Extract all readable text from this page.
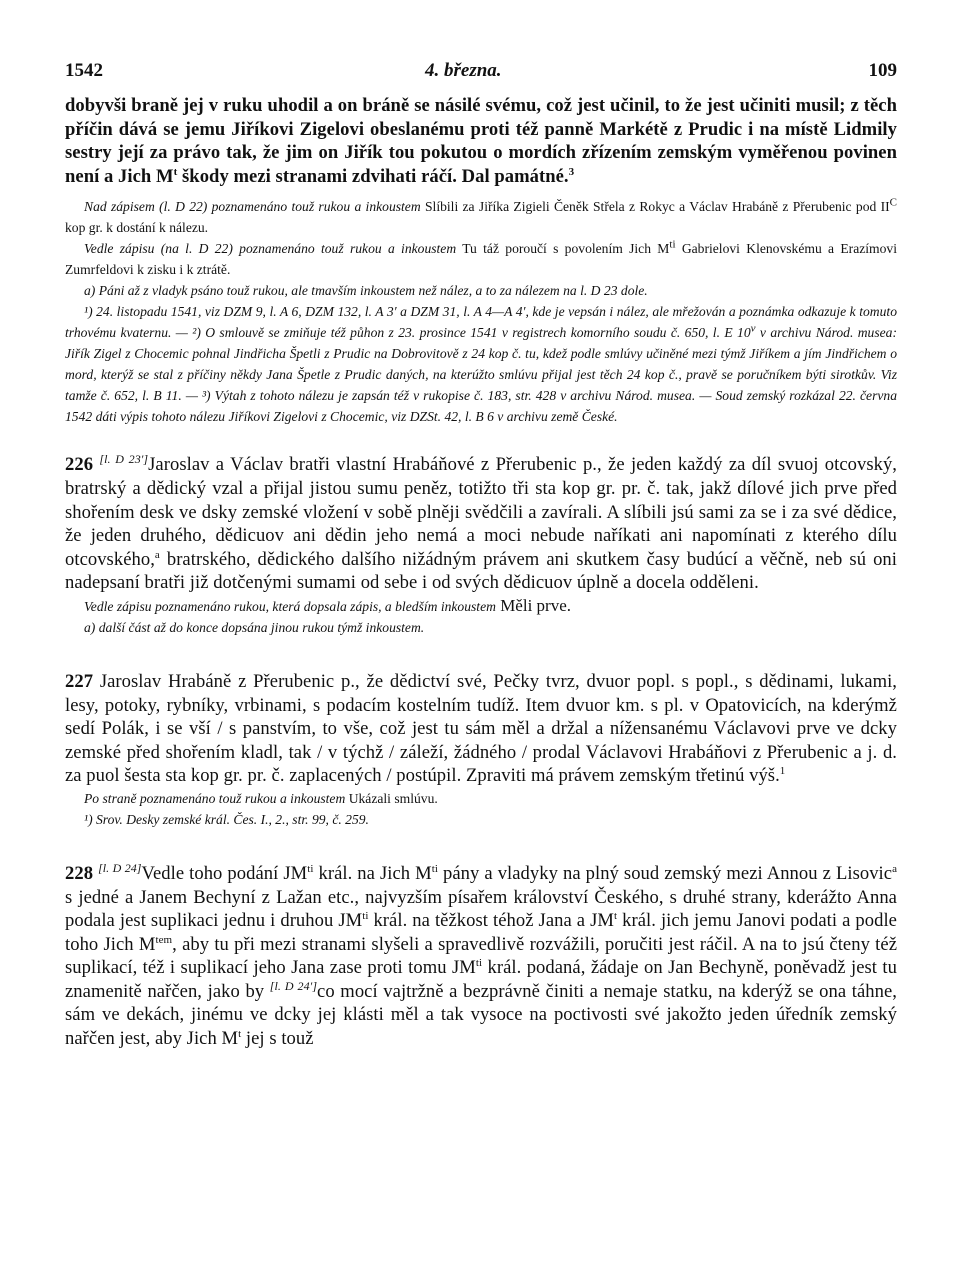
1542	4. března.	109

dobyvši braně jej v ruku uhodil a on bráně se násilé svému, což jest učinil, to že jest učiniti musil; z těch příčin dává se jemu Jiříkovi Zigelovi obeslanému proti též panně Markétě z Prudic i na místě Lidmily sestry její za právo tak, že jim on Jiřík tou pokutou o mordích zřízením zemským vyměřenou povinen není a Jich $M^t$ škody mezi stranami zdvihati ráčí. Dal památné.$^3$

Nad zápisem (l. D 22) poznamenáno touž rukou a inkoustem Slíbili za Jiříka Zigieli Čeněk Střela z Rokyc a Václav Hrabáně z Přerubenic pod $II^C$ kop gr. k dostání k nálezu.

Vedle zápisu (na l. D 22) poznamenáno touž rukou a inkoustem Tu táž poroučí s povolením Jich $M^{ti}$ Gabrielovi Klenovskému a Erazímovi Zumrfeldovi k zisku i k ztrátě.

a) Páni až z vladyk psáno touž rukou, ale tmavším inkoustem než nález, a to za nálezem na l. D 23 dole.

¹) 24. listopadu 1541, viz DZM 9, l. A 6, DZM 132, l. A 3′ a DZM 31, l. A 4—A 4′, kde je vepsán i nález, ale mřežován a poznámka odkazuje k tomuto trhovému kvaternu. — ²) O smlouvě se zmiňuje též půhon z 23. prosince 1541 v registrech komorního soudu č. 650, l. E 10$^v$ v archivu Národ. musea: Jiřík Zigel z Chocemic pohnal Jindřicha Špetli z Prudic na Dobrovitově z 24 kop č. tu, kdež podle smlúvy učiněné mezi týmž Jiříkem a jím Jindřichem o mord, kterýž se stal z příčiny někdy Jana Špetle z Prudic daných, na kterúžto smlúvu přijal jest těch 24 kop č., pravě se poručníkem býti sirotkův. Viz tamže č. 652, l. B 11. — ³) Výtah z tohoto nálezu je zapsán též v rukopise č. 183, str. 428 v archivu Národ. musea. — Soud zemský rozkázal 22. června 1542 dáti výpis tohoto nálezu Jiříkovi Zigelovi z Chocemic, viz DZSt. 42, l. B 6 v archivu země České.

226 [l. D 23′]Jaroslav a Václav bratři vlastní Hrabáňové z Přerubenic p., že jeden každý za díl svuoj otcovský, bratrský a dědický vzal a přijal jistou sumu peněz, totižto tři sta kop gr. pr. č. tak, jakž dílové jich prve před shořením desk ve dsky zemské vložení v sobě plněji svědčili a zavírali. A slíbili jsú sami za se i za své dědice, že jeden druhého, dědicuov ani dědin jeho nemá a moci nebude naříkati ani napomínati z kterého dílu otcovského,$^a$ bratrského, dědického dalšího nižádným právem ani skutkem časy budúcí a věčně, neb sú oni nadepsaní bratři již dotčenými sumami od sebe i od svých dědicuov úplně a docela odděleni.

Vedle zápisu poznamenáno rukou, která dopsala zápis, a bledším inkoustem Měli prve.

a) další část až do konce dopsána jinou rukou týmž inkoustem.

227 Jaroslav Hrabáně z Přerubenic p., že dědictví své, Pečky tvrz, dvuor popl. s popl., s dědinami, lukami, lesy, potoky, rybníky, vrbinami, s podacím kostelním tudíž. Item dvuor km. s pl. v Opatovicích, na kderýmž sedí Polák, i se vší / s panstvím, to vše, což jest tu sám měl a držal a nížensanému Václavovi prve ve dcky zemské před shořením kladl, tak / v týchž / záleží, žádného / prodal Václavovi Hrabáňovi z Přerubenic a j. d. za puol šesta sta kop gr. pr. č. zaplacených / postúpil. Zpraviti má právem zemským třetinú výš.$^1$

Po straně poznamenáno touž rukou a inkoustem Ukázali smlúvu.

¹) Srov. Desky zemské král. Čes. I., 2., str. 99, č. 259.

228 [l. D 24]Vedle toho podání $JM^{ti}$ král. na Jich $M^{ti}$ pány a vladyky na plný soud zemský mezi Annou z Lisovic$^a$ s jedné a Janem Bechyní z Lažan etc., najvyzším písařem království Českého, s druhé strany, kderážto Anna podala jest suplikaci jednu i druhou $JM^{ti}$ král. na těžkost téhož Jana a $JM^t$ král. jich jemu Janovi podati a podle toho Jich $M^{tem}$, aby tu při mezi stranami slyšeli a spravedlivě rozvážili, poručiti jest ráčil. A na to jsú čteny též suplikací, též i suplikací jeho Jana zase proti tomu $JM^{ti}$ král. podaná, žádaje on Jan Bechyně, poněvadž jest tu znamenitě nařčen, jako by [l. D 24′]co mocí vajtržně a bezprávně činiti a nemaje statku, na kderýž se ona táhne, sám ve dekách, jinému ve dcky jej klásti měl a tak vysoce na poctivosti své jakožto jeden úředník zemský nařčen jest, aby Jich $M^t$ jej s touž
